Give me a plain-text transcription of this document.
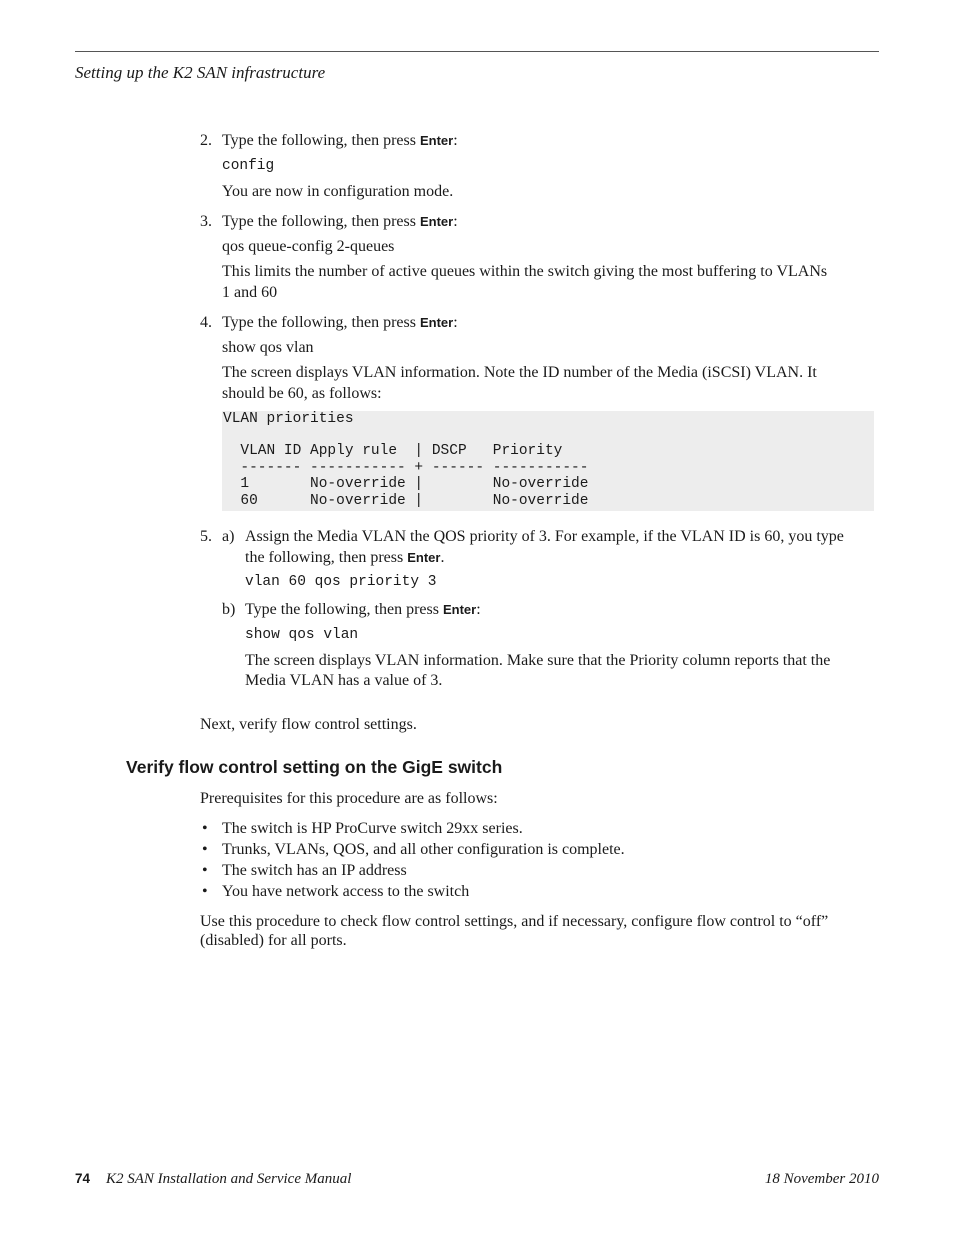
Setting up the K2 SAN infrastructure
2. Type the following, then press Enter:
config
You are now in configuration mode.
3. Type the following, then press Enter:
qos queue-config 2-queues
This limits the number of active queues within the switch giving the most buffering to VLANs
1 and 60
4. Type the following, then press Enter:
show qos vlan
The screen displays VLAN information. Note the ID number of the Media (iSCSI) VLAN. It
should be 60, as follows:
VLAN priorities
VLAN ID Apply rule  | DSCP   Priority
------- ----------- + ------ -----------
1       No-override |        No-override
60      No-override |        No-override
5. a) Assign the Media VLAN the QOS priority of 3. For example, if the VLAN ID is 60, you type
the following, then press Enter.
vlan 60 qos priority 3
b) Type the following, then press Enter:
show qos vlan
The screen displays VLAN information. Make sure that the Priority column reports that the
Media VLAN has a value of 3.
Next, verify flow control settings.
Verify flow control setting on the GigE switch
Prerequisites for this procedure are as follows:
• The switch is HP ProCurve switch 29xx series.
• Trunks, VLANs, QOS, and all other configuration is complete.
• The switch has an IP address
• You have network access to the switch
Use this procedure to check flow control settings, and if necessary, configure flow control to “off”
(disabled) for all ports.
74 K2 SAN Installation and Service Manual	18 November 2010
